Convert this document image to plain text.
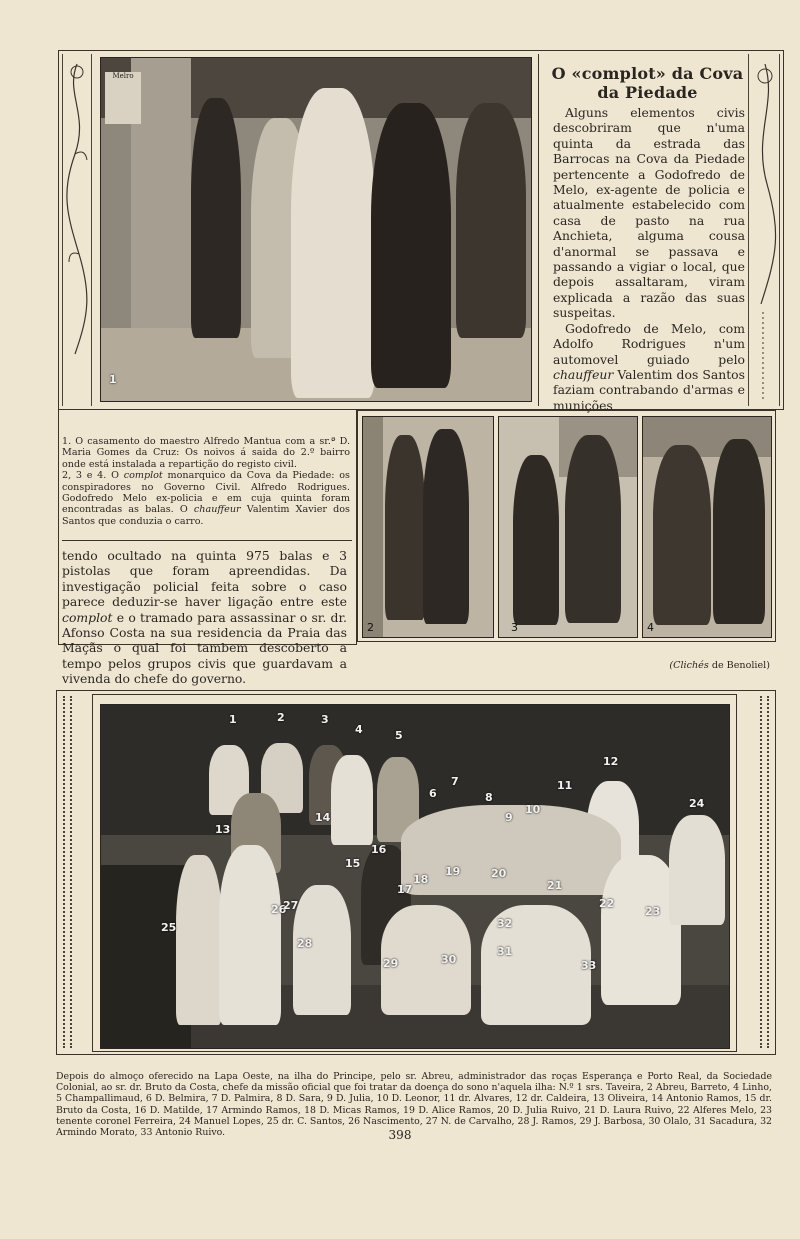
Melro
1
O «complot» da Cova
da Piedade

Alguns elementos civis descobriram que n'uma quinta da estrada das Barrocas na Cova da Piedade pertencente a Godofredo de Melo, ex-agente de policia e atualmente estabelecido com casa de pasto na rua Anchieta, alguma cousa d'anormal se passava e passando a vigiar o local, que depois assaltaram, viram explicada a razão das suas suspeitas.

Godofredo de Melo, com Adolfo Rodrigues n'um automovel guiado pelo chauffeur Valentim dos Santos faziam contrabando d'armas e munições

1. O casamento do maestro Alfredo Mantua com a sr.ª D. Maria Gomes da Cruz: Os noivos á saida do 2.º bairro onde está instalada a repartição do registo civil.

2, 3 e 4. O complot monarquico da Cova da Piedade: os conspiradores no Governo Civil. Alfredo Rodrigues. Godofredo Melo ex-policia e em cuja quinta foram encontradas as balas. O chauffeur Valentim Xavier dos Santos que conduzia o carro.

tendo ocultado na quinta 975 balas e 3 pistolas que foram apreendidas. Da investigação policial feita sobre o caso parece deduzir-se haver ligação entre este complot e o tramado para assassinar o sr. dr. Afonso Costa na sua residencia da Praia das Maçãs o qual foi tambem descoberto a tempo pelos grupos civis que guardavam a vivenda do chefe do governo.
2	3	4
(Clichés de Benoliel)
1	2	3
4	5
6
7
8
9
10
11
12
13
14
15
16
17
18
19	20
21
22
23
24
25
26
27
28
29	30
31
32
33
Depois do almoço oferecido na Lapa Oeste, na ilha do Principe, pelo sr. Abreu, administrador das roças Esperança e Porto Real, da Sociedade Colonial, ao sr. dr. Bruto da Costa, chefe da missão oficial que foi tratar da doença do sono n'aquela ilha: N.º 1 srs. Taveira, 2 Abreu, Barreto, 4 Linho, 5 Champallimaud, 6 D. Belmira, 7 D. Palmira, 8 D. Sara, 9 D. Julia, 10 D. Leonor, 11 dr. Alvares, 12 dr. Caldeira, 13 Oliveira, 14 Antonio Ramos, 15 dr. Bruto da Costa, 16 D. Matilde, 17 Armindo Ramos, 18 D. Micas Ramos, 19 D. Alice Ramos, 20 D. Julia Ruivo, 21 D. Laura Ruivo, 22 Alferes Melo, 23 tenente coronel Ferreira, 24 Manuel Lopes, 25 dr. C. Santos, 26 Nascimento, 27 N. de Carvalho, 28 J. Ramos, 29 J. Barbosa, 30 Olalo, 31 Sacadura, 32 Armindo Morato, 33 Antonio Ruivo.	398
